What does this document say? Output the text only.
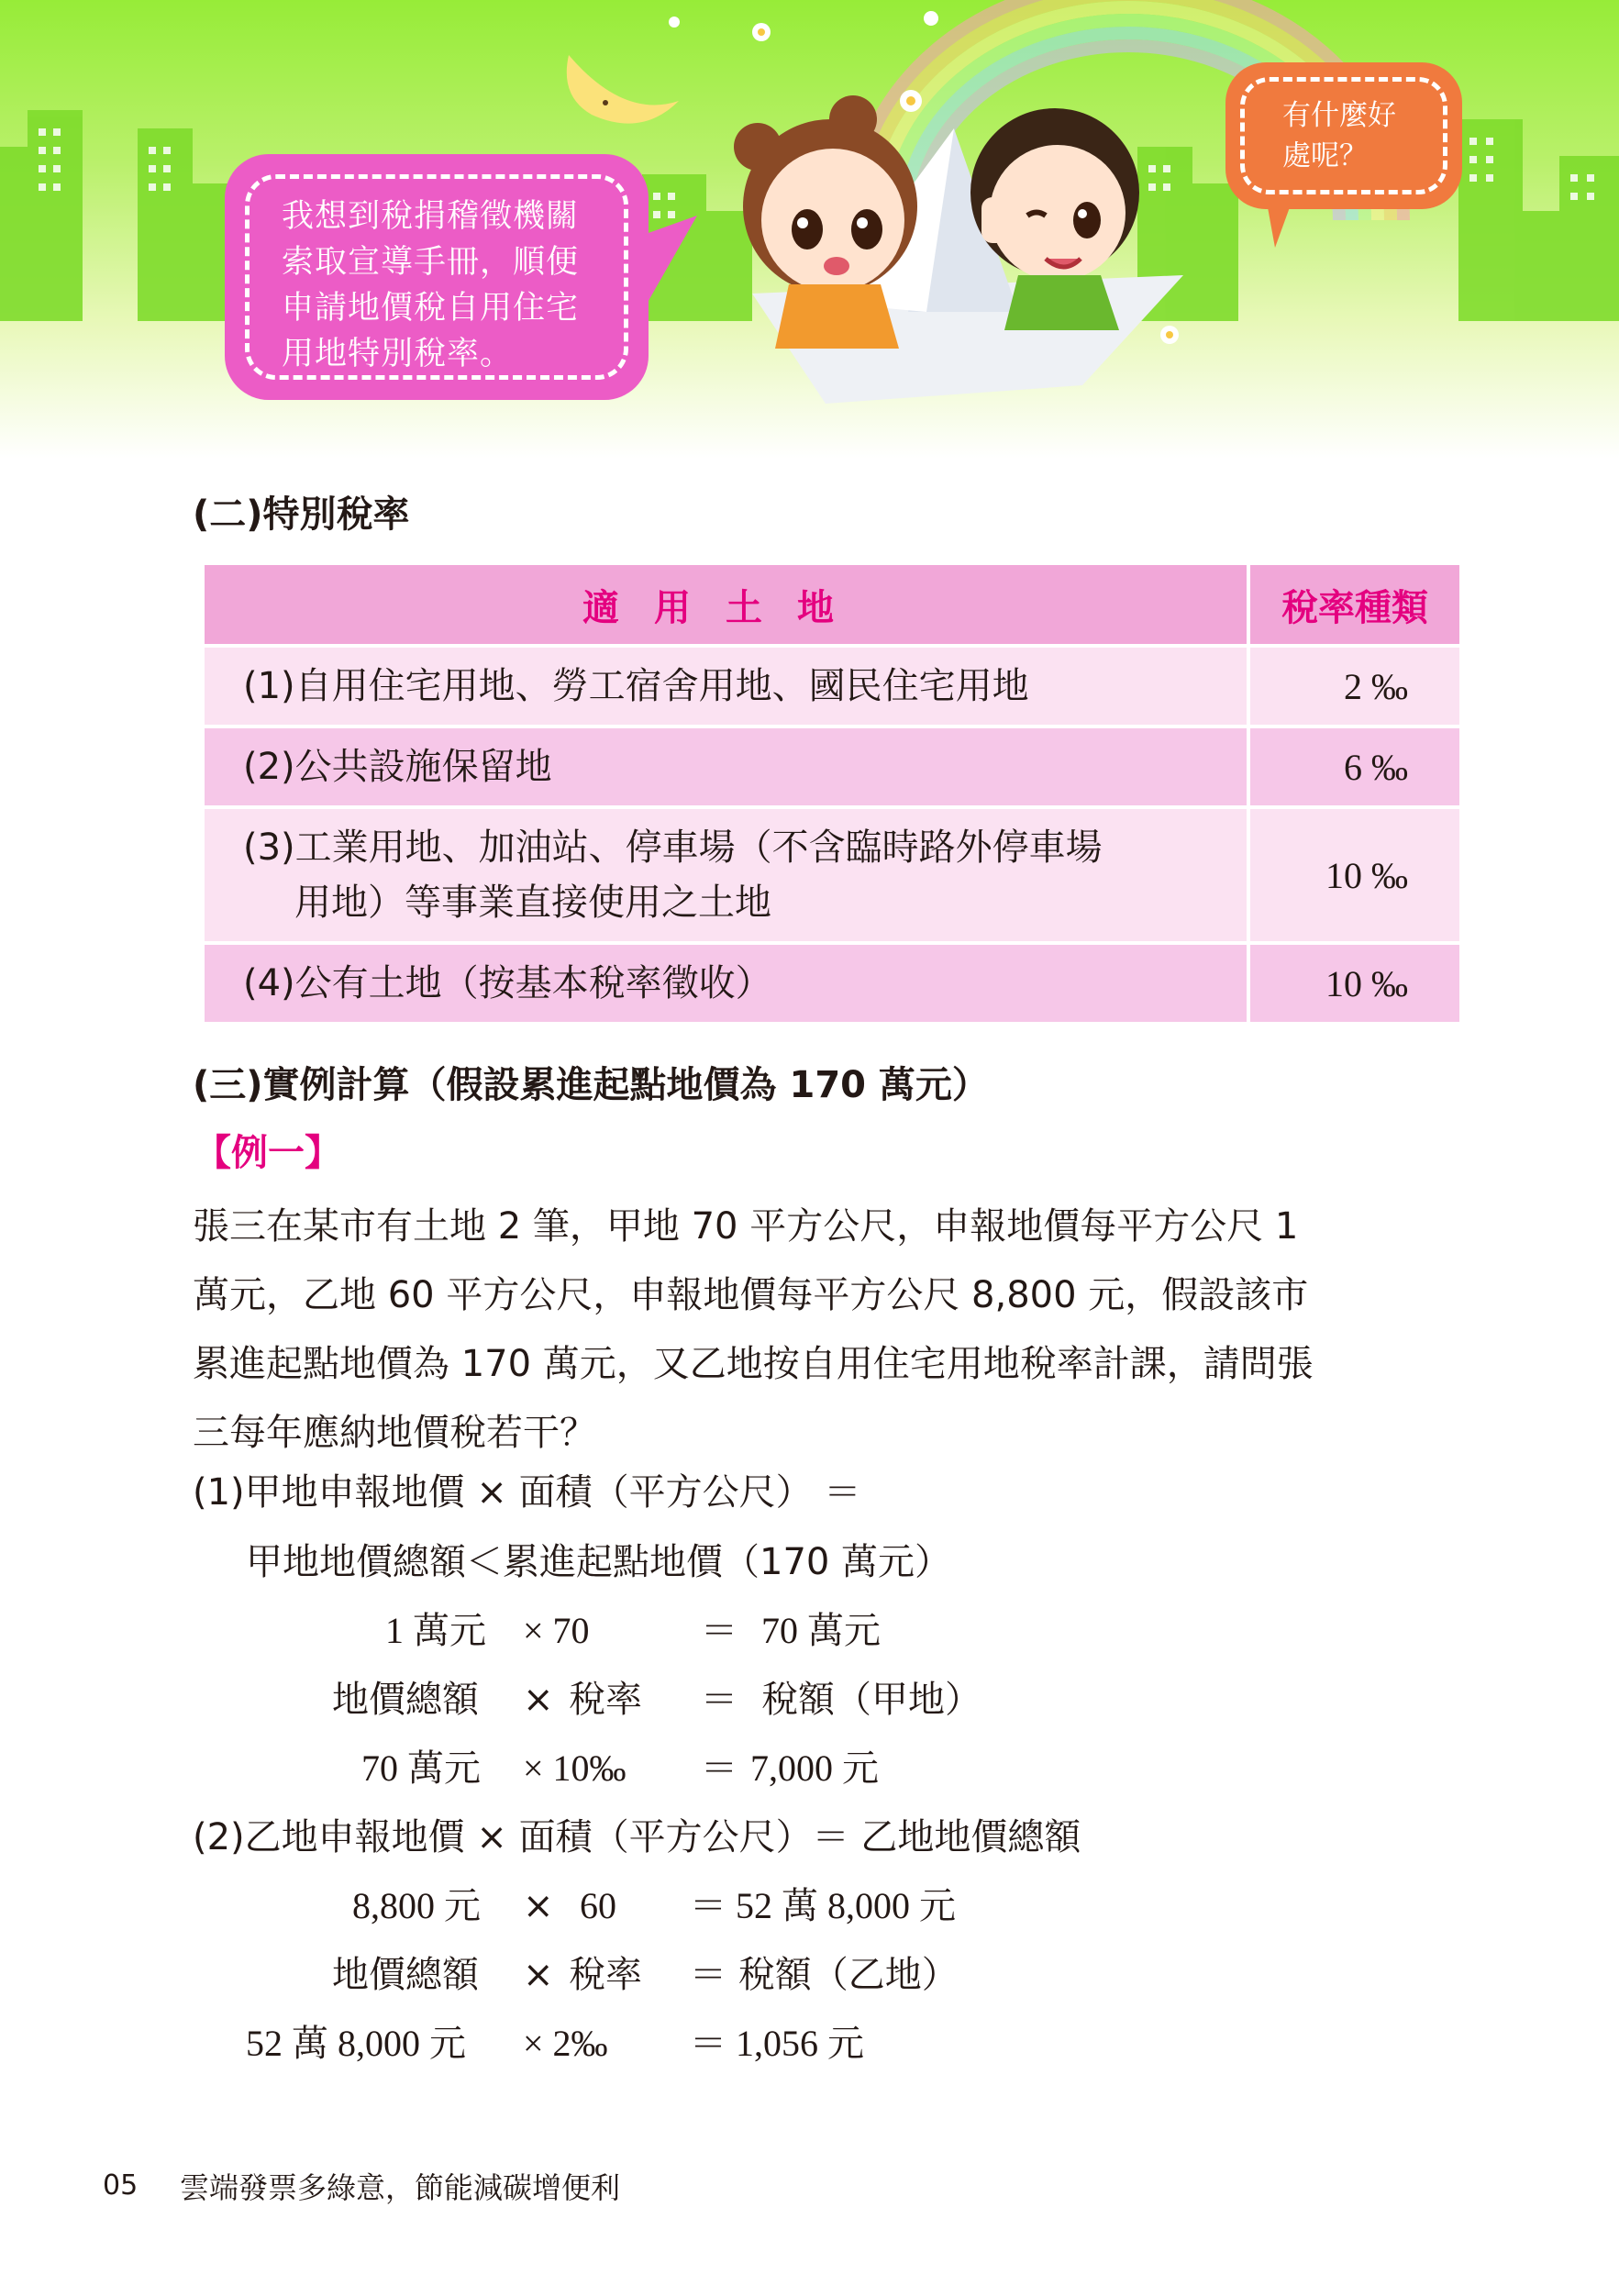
我想到稅捐稽徵機關
索取宣導手冊，順便
申請地價稅自用住宅
用地特別稅率。
有什麼好
處呢？
(二)特別稅率
適用土地	稅率種類
(1)自用住宅用地、勞工宿舍用地、國民住宅用地	2 ‰
(2)公共設施保留地	6 ‰

(3)工業用地、加油站、停車場（不含臨時路外停車場
用地）等事業直接使用之土地	10 ‰
(4)公有土地（按基本稅率徵收）	10 ‰
(三)實例計算（假設累進起點地價為 170 萬元）
【例一】
張三在某市有土地 2 筆，甲地 70 平方公尺，申報地價每平方公尺 1
萬元，乙地 60 平方公尺，申報地價每平方公尺 8,800 元，假設該市
累進起點地價為 170 萬元，又乙地按自用住宅用地稅率計課，請問張
三每年應納地價稅若干？
(1)甲地申報地價 × 面積（平方公尺） ＝
甲地地價總額＜累進起點地價（170 萬元）
1 萬元 × 70	＝ 70 萬元
地價總額 × 稅率 ＝ 稅額（甲地）
70 萬元 × 10‰ ＝ 7,000 元
(2)乙地申報地價 × 面積（平方公尺）＝ 乙地地價總額
8,800 元 × 60 ＝ 52 萬 8,000 元
地價總額 × 稅率 ＝ 稅額（乙地）
52 萬 8,000 元 × 2‰ ＝ 1,056 元
05 雲端發票多綠意，節能減碳增便利
